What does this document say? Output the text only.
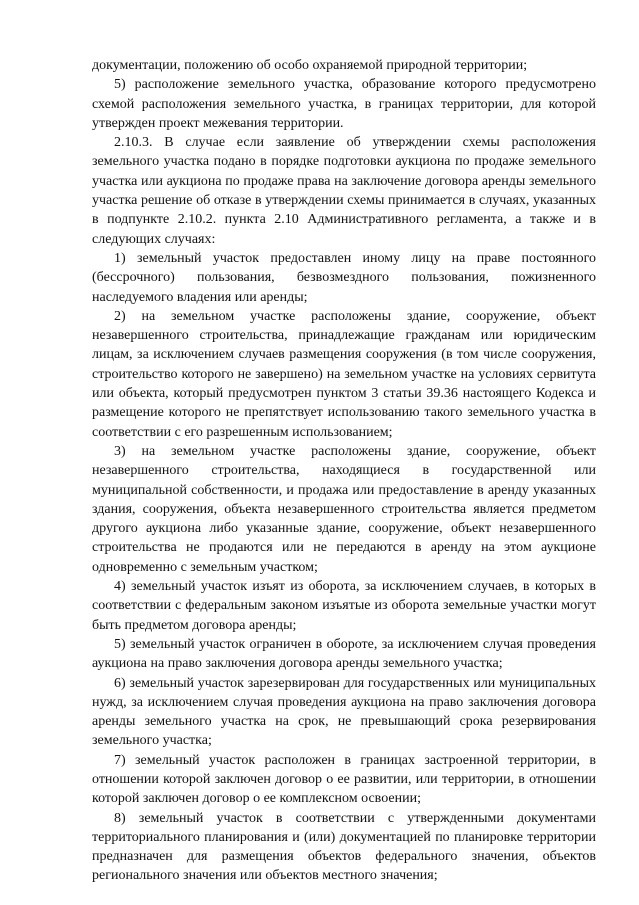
документации, положению об особо охраняемой природной территории;

5) расположение земельного участка, образование которого предусмотрено схемой расположения земельного участка, в границах территории, для которой утвержден проект межевания территории.

2.10.3. В случае если заявление об утверждении схемы расположения земельного участка подано в порядке подготовки аукциона по продаже земельного участка или аукциона по продаже права на заключение договора аренды земельного участка решение об отказе в утверждении схемы принимается в случаях, указанных в подпункте 2.10.2. пункта 2.10 Административного регламента, а также и в следующих случаях:

1) земельный участок предоставлен иному лицу на праве постоянного (бессрочного) пользования, безвозмездного пользования, пожизненного наследуемого владения или аренды;

2) на земельном участке расположены здание, сооружение, объект незавершенного строительства, принадлежащие гражданам или юридическим лицам, за исключением случаев размещения сооружения (в том числе сооружения, строительство которого не завершено) на земельном участке на условиях сервитута или объекта, который предусмотрен пунктом 3 статьи 39.36 настоящего Кодекса и размещение которого не препятствует использованию такого земельного участка в соответствии с его разрешенным использованием;

3) на земельном участке расположены здание, сооружение, объект незавершенного строительства, находящиеся в государственной или муниципальной собственности, и продажа или предоставление в аренду указанных здания, сооружения, объекта незавершенного строительства является предметом другого аукциона либо указанные здание, сооружение, объект незавершенного строительства не продаются или не передаются в аренду на этом аукционе одновременно с земельным участком;

4) земельный участок изъят из оборота, за исключением случаев, в которых в соответствии с федеральным законом изъятые из оборота земельные участки могут быть предметом договора аренды;

5) земельный участок ограничен в обороте, за исключением случая проведения аукциона на право заключения договора аренды земельного участка;

6) земельный участок зарезервирован для государственных или муниципальных нужд, за исключением случая проведения аукциона на право заключения договора аренды земельного участка на срок, не превышающий срока резервирования земельного участка;

7) земельный участок расположен в границах застроенной территории, в отношении которой заключен договор о ее развитии, или территории, в отношении которой заключен договор о ее комплексном освоении;

8) земельный участок в соответствии с утвержденными документами территориального планирования и (или) документацией по планировке территории предназначен для размещения объектов федерального значения, объектов регионального значения или объектов местного значения;
